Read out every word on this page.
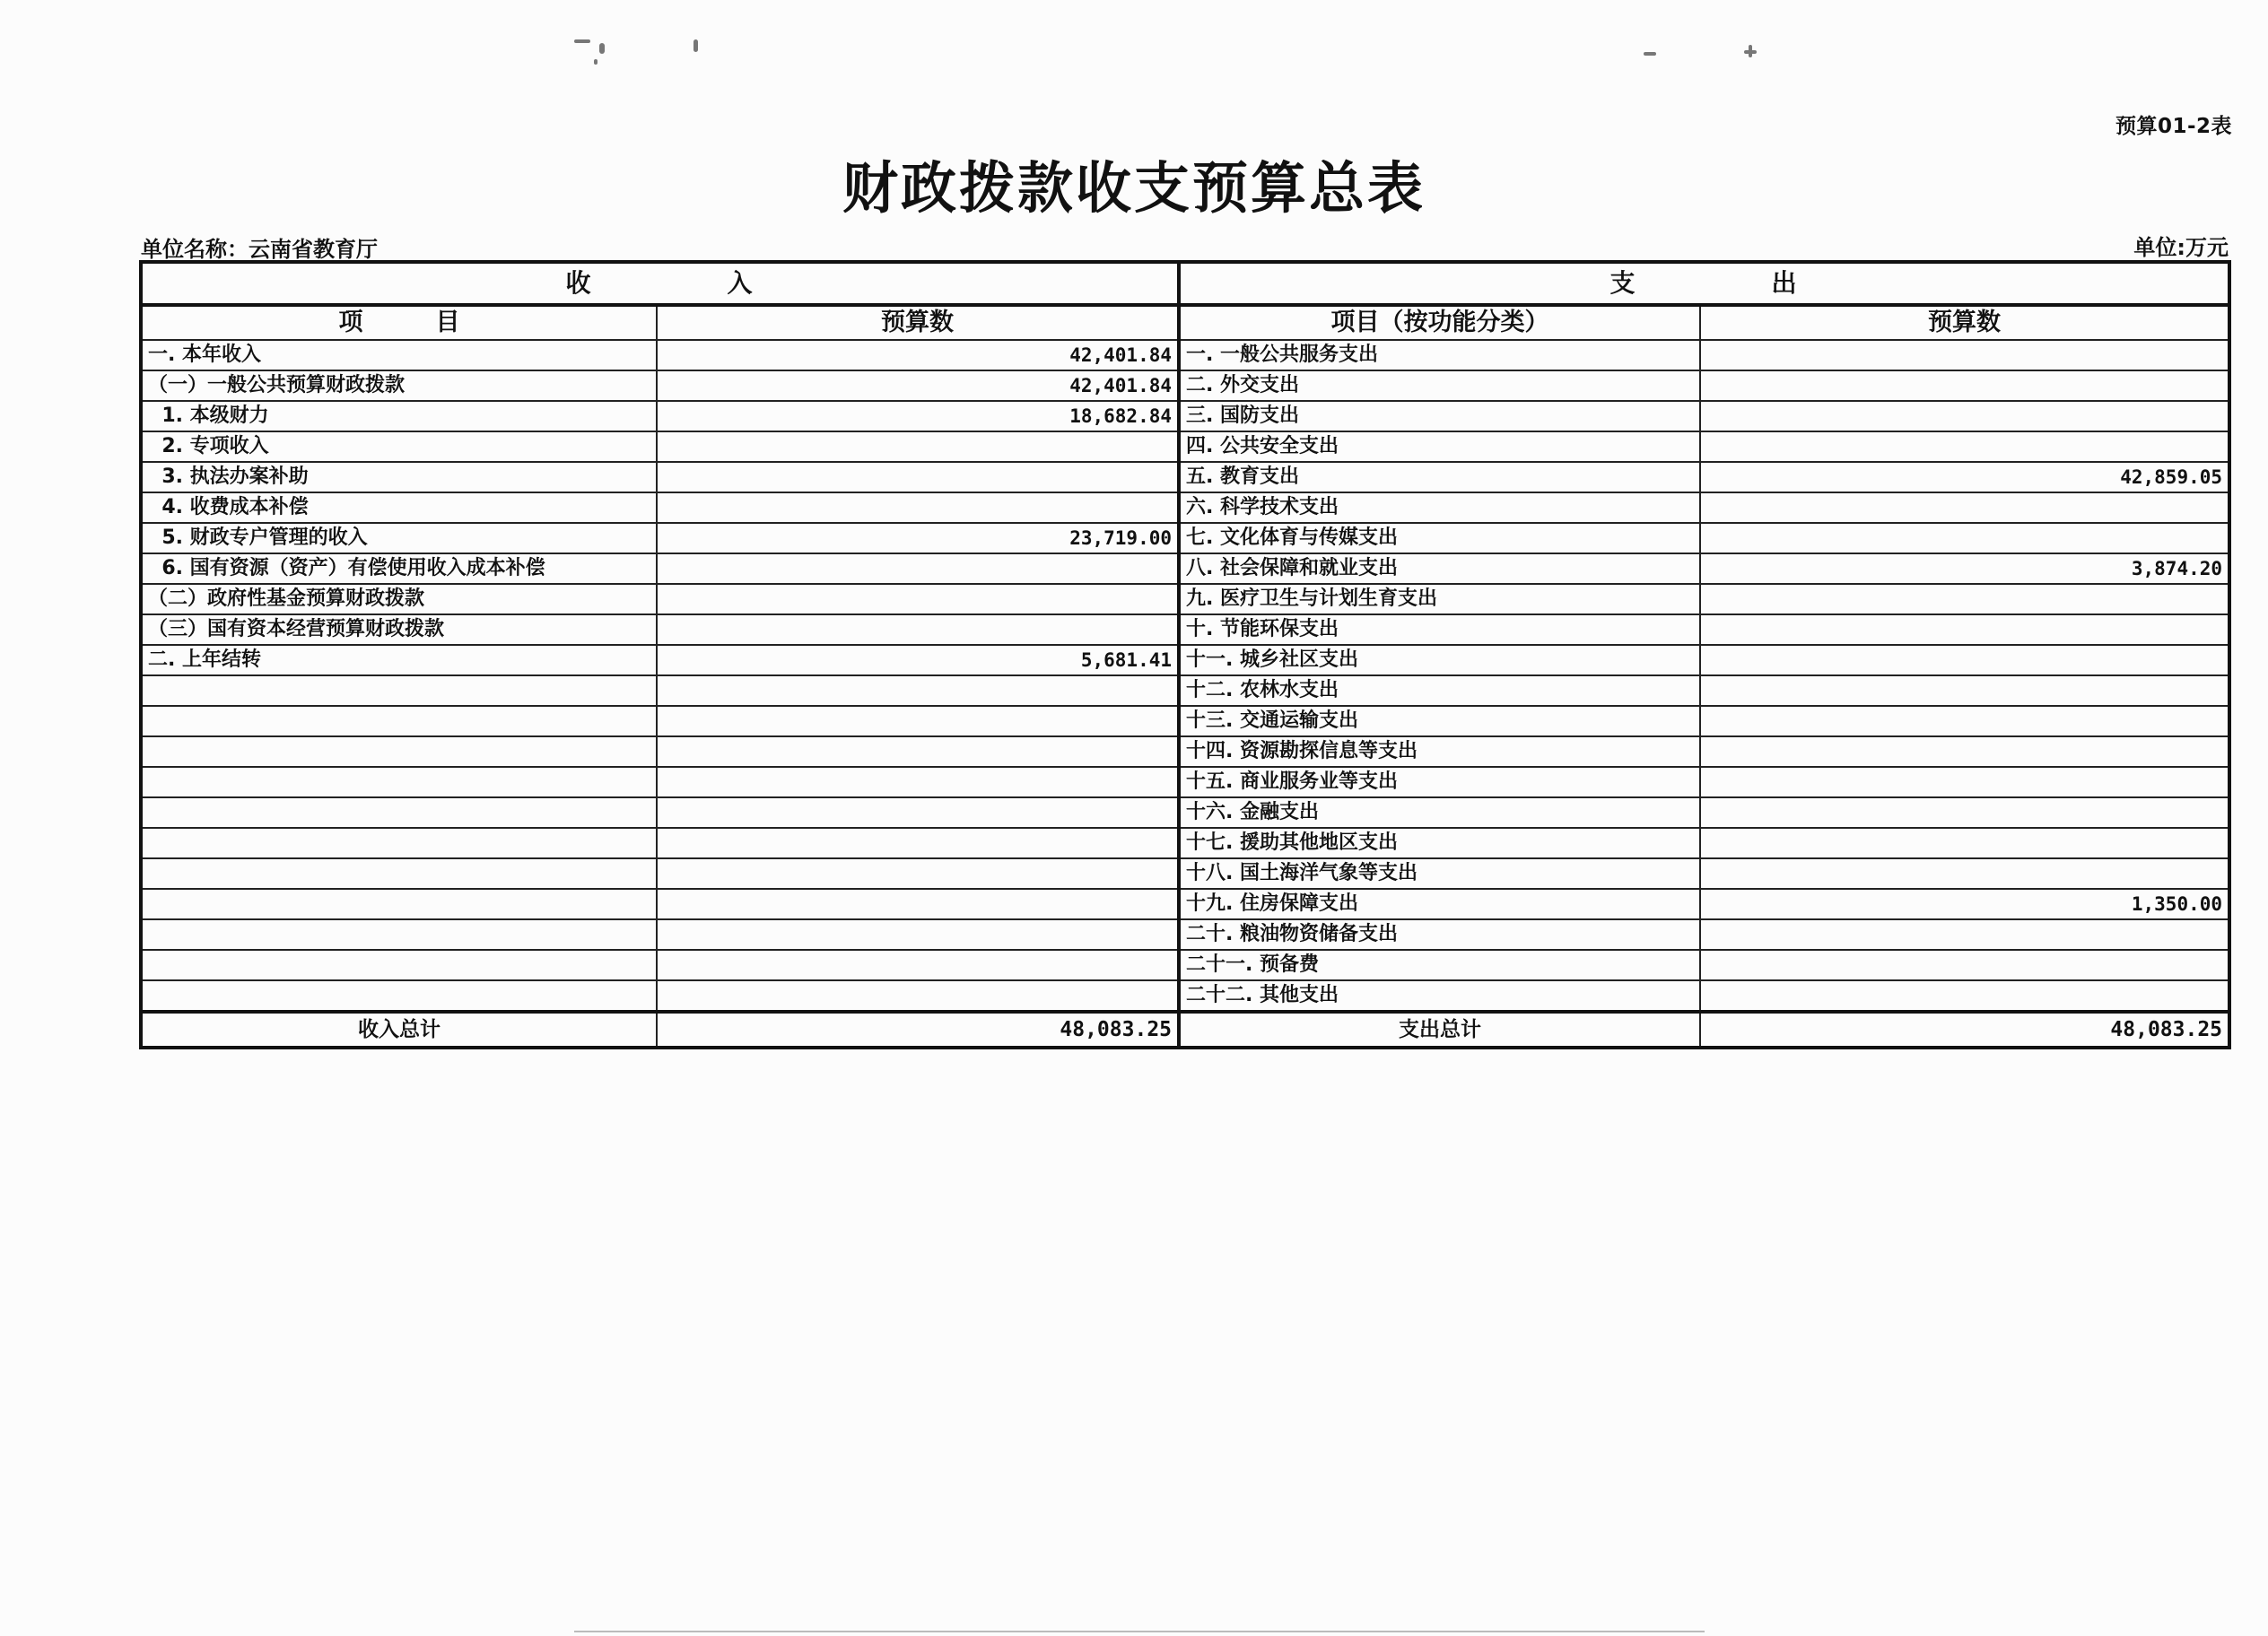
预算01-2表
财政拨款收支预算总表
单位名称：云南省教育厅	单位:万元
收　　　　　入		支　　　　　出	
项　　　目	预算数	项目（按功能分类）	预算数
一. 本年收入	42,401.84	一. 一般公共服务支出	
（一）一般公共预算财政拨款	42,401.84	二. 外交支出	
1. 本级财力	18,682.84	三. 国防支出	
2. 专项收入		四. 公共安全支出	
3. 执法办案补助		五. 教育支出	42,859.05
4. 收费成本补偿		六. 科学技术支出	
5. 财政专户管理的收入	23,719.00	七. 文化体育与传媒支出	
6. 国有资源（资产）有偿使用收入成本补偿		八. 社会保障和就业支出	3,874.20
（二）政府性基金预算财政拨款		九. 医疗卫生与计划生育支出	
（三）国有资本经营预算财政拨款		十. 节能环保支出	
二. 上年结转	5,681.41	十一. 城乡社区支出	
		十二. 农林水支出	
		十三. 交通运输支出	
		十四. 资源勘探信息等支出	
		十五. 商业服务业等支出	
		十六. 金融支出	
		十七. 援助其他地区支出	
		十八. 国土海洋气象等支出	
		十九. 住房保障支出	1,350.00
		二十. 粮油物资储备支出	
		二十一. 预备费	
		二十二. 其他支出	
收入总计	48,083.25	支出总计	48,083.25
